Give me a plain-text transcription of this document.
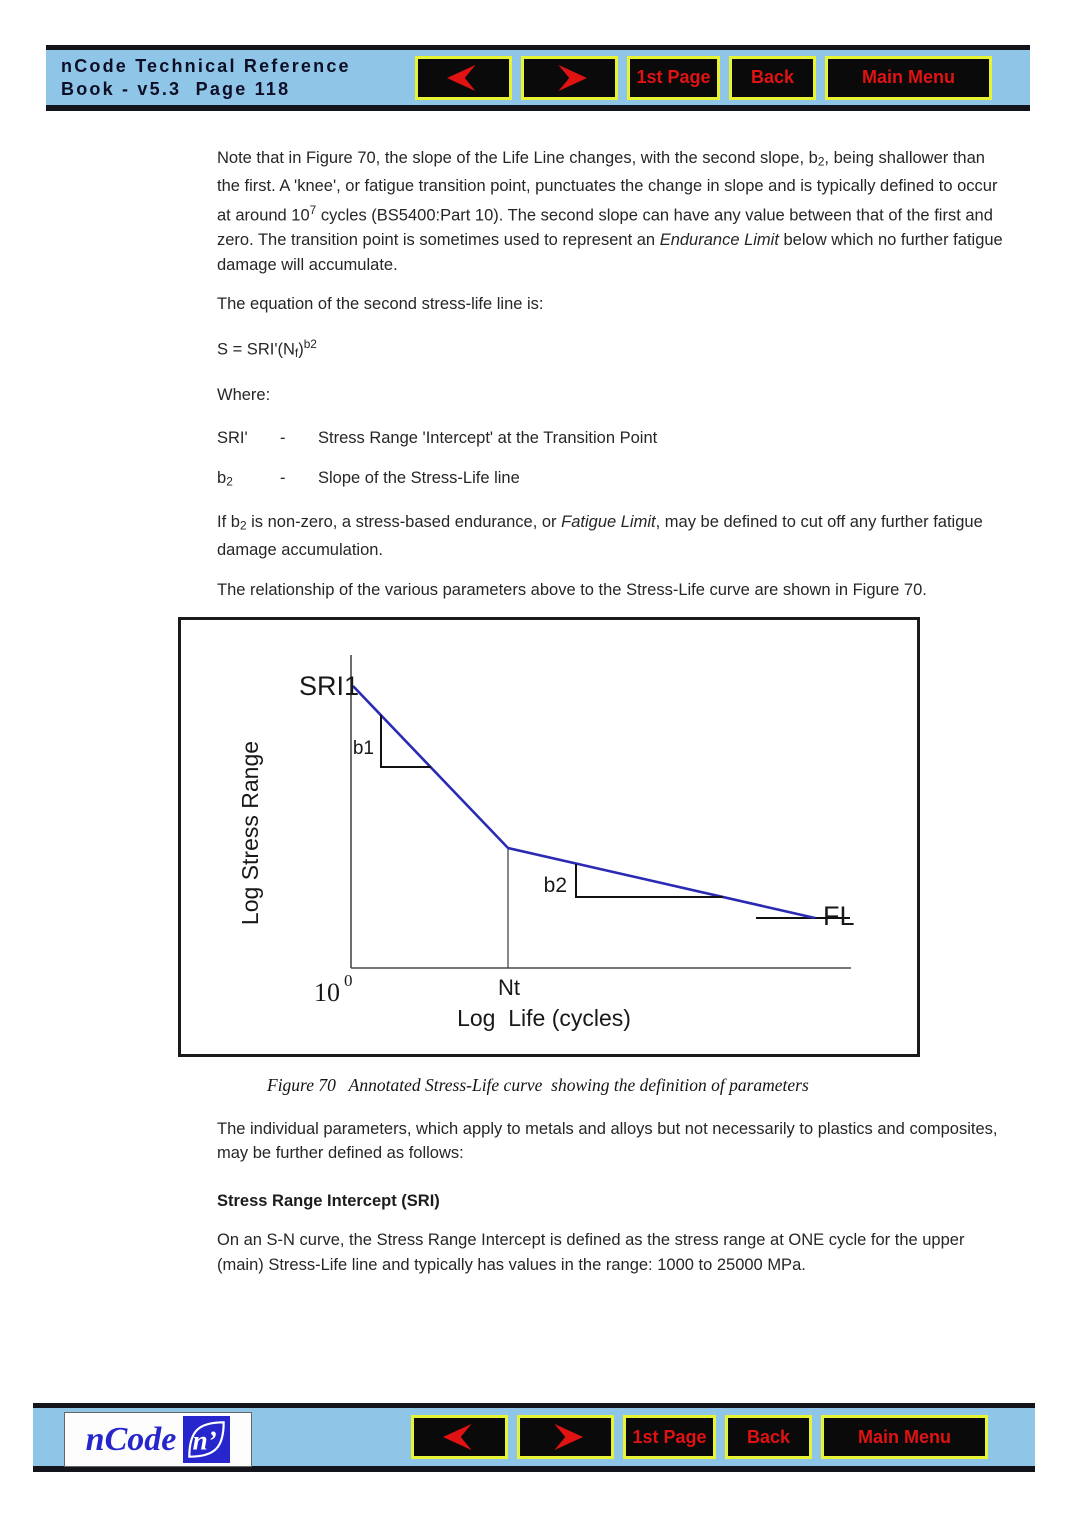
nCode Technical Reference
Book - v5.3  Page 118
1st Page	Back	Main Menu

Note that in Figure 70, the slope of the Life Line changes, with the second slope, $b_2$, being shallower than the first. A 'knee', or fatigue transition point, punctuates the change in slope and is typically defined to occur at around $10^7$ cycles (BS5400:Part 10). The second slope can have any value between that of the first and zero. The transition point is sometimes used to represent an Endurance Limit below which no further fatigue damage will accumulate.

The equation of the second stress-life line is:

$S = SRI'(N_f)^{b2}$

Where:

SRI'	-	Stress Range 'Intercept' at the Transition Point
$b_2$	-	Slope of the Stress-Life line

If $b_2$ is non-zero, a stress-based endurance, or Fatigue Limit, may be defined to cut off any further fatigue damage accumulation.

The relationship of the various parameters above to the Stress-Life curve are shown in Figure 70.

SRI1
b1
b2
FL
Nt
Log  Life (cycles)
Log Stress Range
10 0
Figure 70   Annotated Stress-Life curve  showing the definition of parameters

The individual parameters, which apply to metals and alloys but not necessarily to plastics and composites, may be further defined as follows:

Stress Range Intercept (SRI)

On an S-N curve, the Stress Range Intercept is defined as the stress range at ONE cycle for the upper (main) Stress-Life line and typically has values in the range: 1000 to 25000 MPa.

nCode n’	1st Page	Back	Main Menu
